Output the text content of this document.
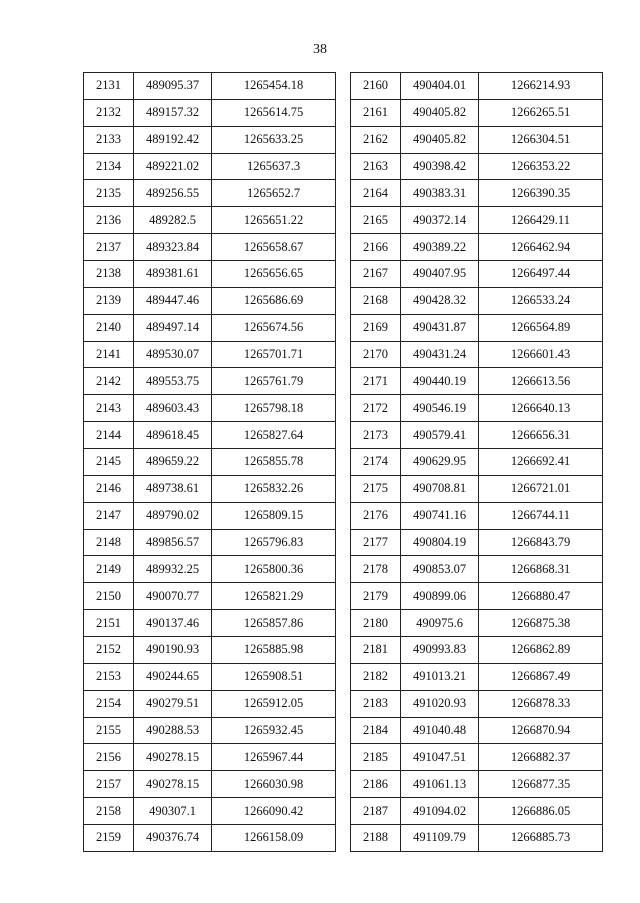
38
2131	489095.37	1265454.18
2132	489157.32	1265614.75
2133	489192.42	1265633.25
2134	489221.02	1265637.3
2135	489256.55	1265652.7
2136	489282.5	1265651.22
2137	489323.84	1265658.67
2138	489381.61	1265656.65
2139	489447.46	1265686.69
2140	489497.14	1265674.56
2141	489530.07	1265701.71
2142	489553.75	1265761.79
2143	489603.43	1265798.18
2144	489618.45	1265827.64
2145	489659.22	1265855.78
2146	489738.61	1265832.26
2147	489790.02	1265809.15
2148	489856.57	1265796.83
2149	489932.25	1265800.36
2150	490070.77	1265821.29
2151	490137.46	1265857.86
2152	490190.93	1265885.98
2153	490244.65	1265908.51
2154	490279.51	1265912.05
2155	490288.53	1265932.45
2156	490278.15	1265967.44
2157	490278.15	1266030.98
2158	490307.1	1266090.42
2159	490376.74	1266158.09
2160	490404.01	1266214.93
2161	490405.82	1266265.51
2162	490405.82	1266304.51
2163	490398.42	1266353.22
2164	490383.31	1266390.35
2165	490372.14	1266429.11
2166	490389.22	1266462.94
2167	490407.95	1266497.44
2168	490428.32	1266533.24
2169	490431.87	1266564.89
2170	490431.24	1266601.43
2171	490440.19	1266613.56
2172	490546.19	1266640.13
2173	490579.41	1266656.31
2174	490629.95	1266692.41
2175	490708.81	1266721.01
2176	490741.16	1266744.11
2177	490804.19	1266843.79
2178	490853.07	1266868.31
2179	490899.06	1266880.47
2180	490975.6	1266875.38
2181	490993.83	1266862.89
2182	491013.21	1266867.49
2183	491020.93	1266878.33
2184	491040.48	1266870.94
2185	491047.51	1266882.37
2186	491061.13	1266877.35
2187	491094.02	1266886.05
2188	491109.79	1266885.73
